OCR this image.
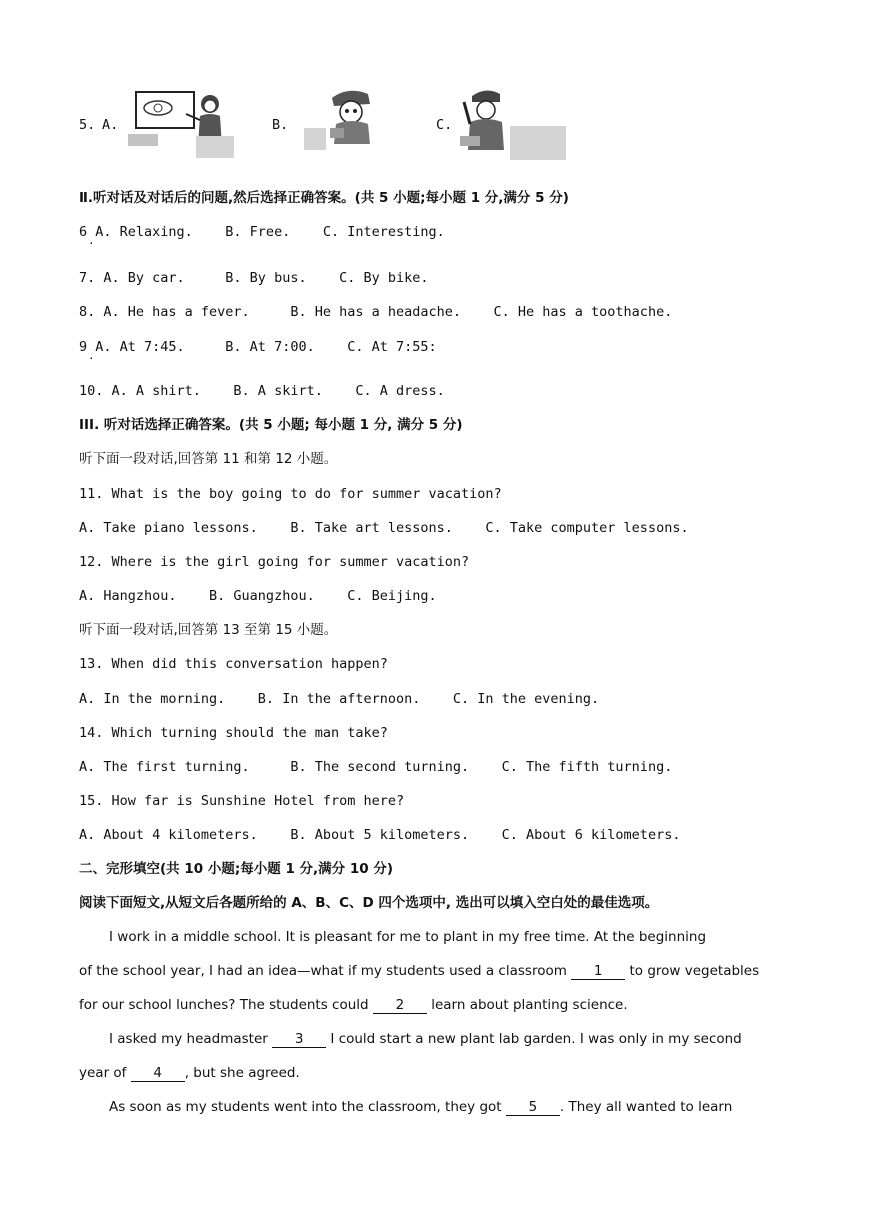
5. A.	B.	C.
Ⅱ.听对话及对话后的问题,然后选择正确答案。(共 5 小题;每小题 1 分,满分 5 分)
6 A. Relaxing.    B. Free.    C. Interesting.
·
7. A. By car.     B. By bus.    C. By bike.
8. A. He has a fever.     B. He has a headache.    C. He has a toothache.
9 A. At 7:45.     B. At 7:00.    C. At 7:55:
·
10. A. A shirt.    B. A skirt.    C. A dress.
III. 听对话选择正确答案。(共 5 小题; 每小题 1 分, 满分 5 分)
听下面一段对话,回答第 11 和第 12 小题。
11. What is the boy going to do for summer vacation?
A. Take piano lessons.    B. Take art lessons.    C. Take computer lessons.
12. Where is the girl going for summer vacation?
A. Hangzhou.    B. Guangzhou.    C. Beijing.
听下面一段对话,回答第 13 至第 15 小题。
13. When did this conversation happen?
A. In the morning.    B. In the afternoon.    C. In the evening.
14. Which turning should the man take?
A. The first turning.     B. The second turning.    C. The fifth turning.
15. How far is Sunshine Hotel from here?
A. About 4 kilometers.    B. About 5 kilometers.    C. About 6 kilometers.
二、完形填空(共 10 小题;每小题 1 分,满分 10 分)
阅读下面短文,从短文后各题所给的 A、B、C、D 四个选项中, 选出可以填入空白处的最佳选项。
I work in a middle school. It is pleasant for me to plant in my free time. At the beginning
of the school year, I had an idea—what if my students used a classroom 1 to grow vegetables
for our school lunches? The students could 2 learn about planting science.
I asked my headmaster 3 I could start a new plant lab garden. I was only in my second
year of 4 , but she agreed.
As soon as my students went into the classroom, they got 5 . They all wanted to learn
